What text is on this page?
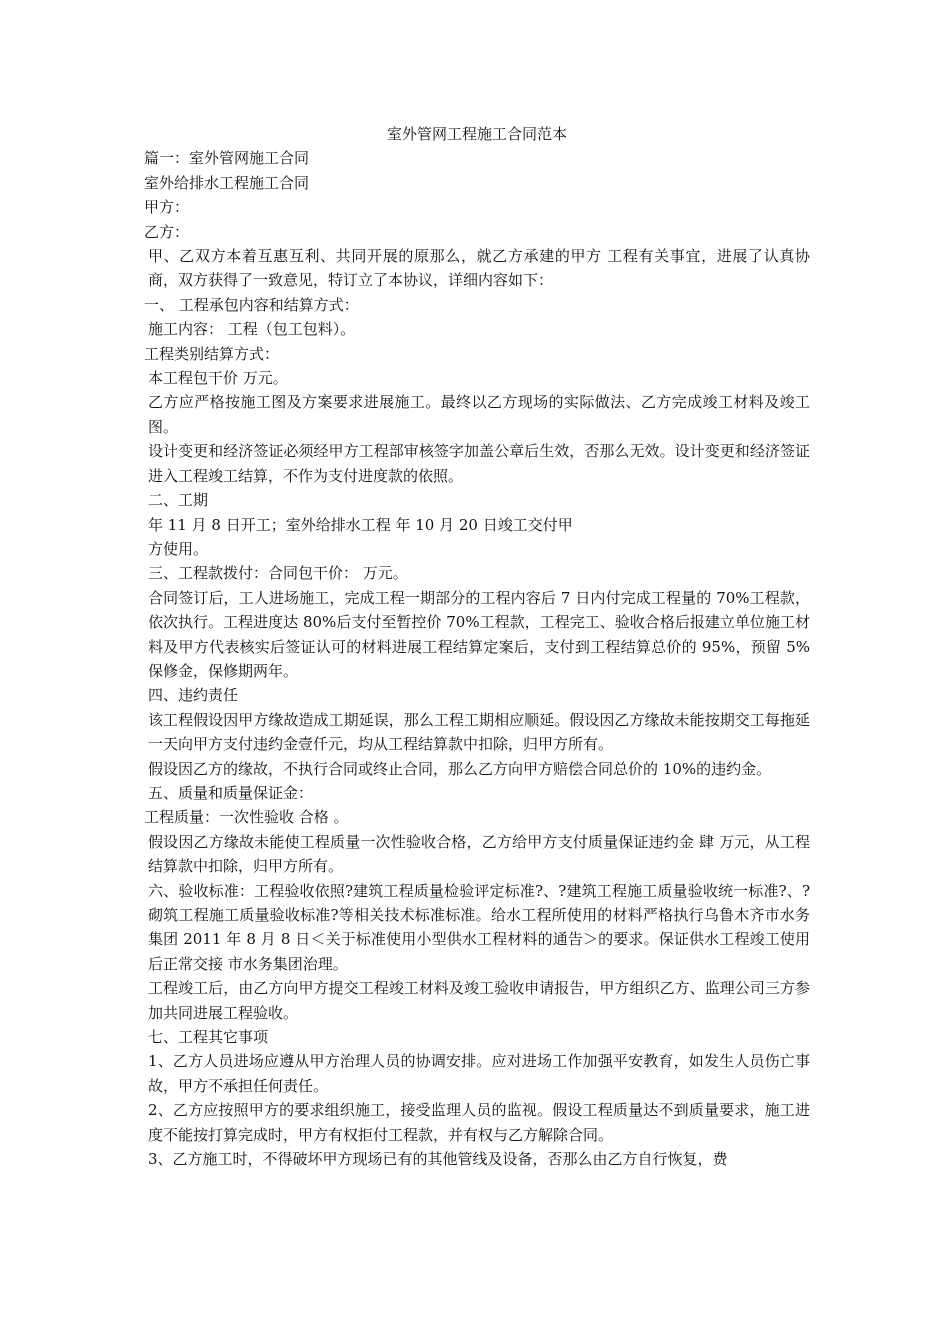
室外管网工程施工合同范本

篇一：室外管网施工合同

室外给排水工程施工合同

甲方：

乙方：

甲、乙双方本着互惠互利、共同开展的原那么，就乙方承建的甲方 工程有关事宜，进展了认真协商，双方获得了一致意见，特订立了本协议，详细内容如下：

一、 工程承包内容和结算方式：

施工内容： 工程（包工包料）。

工程类别结算方式：

本工程包干价 万元。

乙方应严格按施工图及方案要求进展施工。最终以乙方现场的实际做法、乙方完成竣工材料及竣工图。

设计变更和经济签证必须经甲方工程部审核签字加盖公章后生效，否那么无效。设计变更和经济签证进入工程竣工结算，不作为支付进度款的依照。

二、工期

年 11 月 8 日开工；室外给排水工程 年 10 月 20 日竣工交付甲

方使用。

三、工程款拨付：合同包干价： 万元。

合同签订后，工人进场施工，完成工程一期部分的工程内容后 7 日内付完成工程量的 70%工程款，依次执行。工程进度达 80%后支付至暂控价 70%工程款，工程完工、验收合格后报建立单位施工材料及甲方代表核实后签证认可的材料进展工程结算定案后，支付到工程结算总价的 95%，预留 5%保修金，保修期两年。

四、违约责任

该工程假设因甲方缘故造成工期延误，那么工程工期相应顺延。假设因乙方缘故未能按期交工每拖延一天向甲方支付违约金壹仟元，均从工程结算款中扣除，归甲方所有。

假设因乙方的缘故，不执行合同或终止合同，那么乙方向甲方赔偿合同总价的 10%的违约金。

五、质量和质量保证金：

工程质量：一次性验收 合格 。

假设因乙方缘故未能使工程质量一次性验收合格，乙方给甲方支付质量保证违约金 肆 万元，从工程结算款中扣除，归甲方所有。

六、验收标准：工程验收依照?建筑工程质量检验评定标准?、?建筑工程施工质量验收统一标准?、?砌筑工程施工质量验收标准?等相关技术标准标准。给水工程所使用的材料严格执行乌鲁木齐市水务集团 2011 年 8 月 8 日＜关于标准使用小型供水工程材料的通告＞的要求。保证供水工程竣工使用后正常交接 市水务集团治理。

工程竣工后，由乙方向甲方提交工程竣工材料及竣工验收申请报告，甲方组织乙方、监理公司三方参加共同进展工程验收。

七、工程其它事项

1、乙方人员进场应遵从甲方治理人员的协调安排。应对进场工作加强平安教育，如发生人员伤亡事故，甲方不承担任何责任。

2、乙方应按照甲方的要求组织施工，接受监理人员的监视。假设工程质量达不到质量要求，施工进度不能按打算完成时，甲方有权拒付工程款，并有权与乙方解除合同。

3、乙方施工时，不得破坏甲方现场已有的其他管线及设备，否那么由乙方自行恢复，费
